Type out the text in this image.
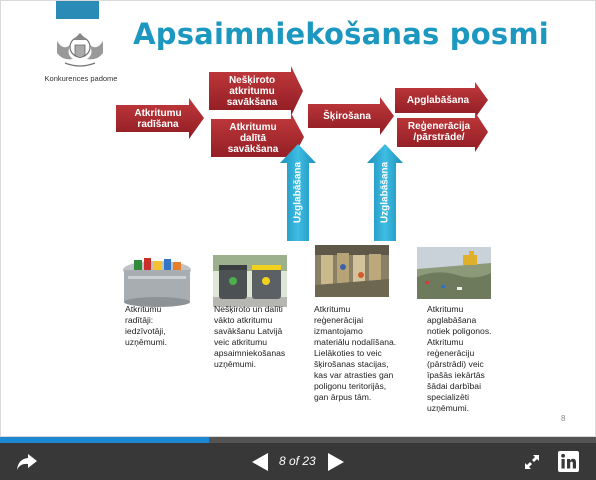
Konkurences padome
Apsaimniekošanas posmi
Atkritumu
radīšana
Nešķiroto
atkritumu
savākšana
Atkritumu
dalītā
savākšana
Šķirošana
Apglabāšana
Reģenerācija
/pārstrāde/
Uzglabāšana	Uzglabāšana
Atkritumu
radītāji:
iedzīvotāji,
uzņēmumi.
Nešķiroto un dalīti
vākto atkritumu
savākšanu Latvijā
veic atkritumu
apsaimniekošanas
uzņēmumi.
Atkritumu
reģenerācijai
izmantojamo
materiālu nodalīšana.
Lielākoties to veic
šķirošanas stacijas,
kas var atrasties gan
poligonu teritorijās,
gan ārpus tām.
Atkritumu
apglabāšana
notiek poligonos.
Atkritumu
reģenerāciju
(pārstrādi) veic
īpašās iekārtās
šādai darbībai
specializēti
uzņēmumi.
8
8 of 23
